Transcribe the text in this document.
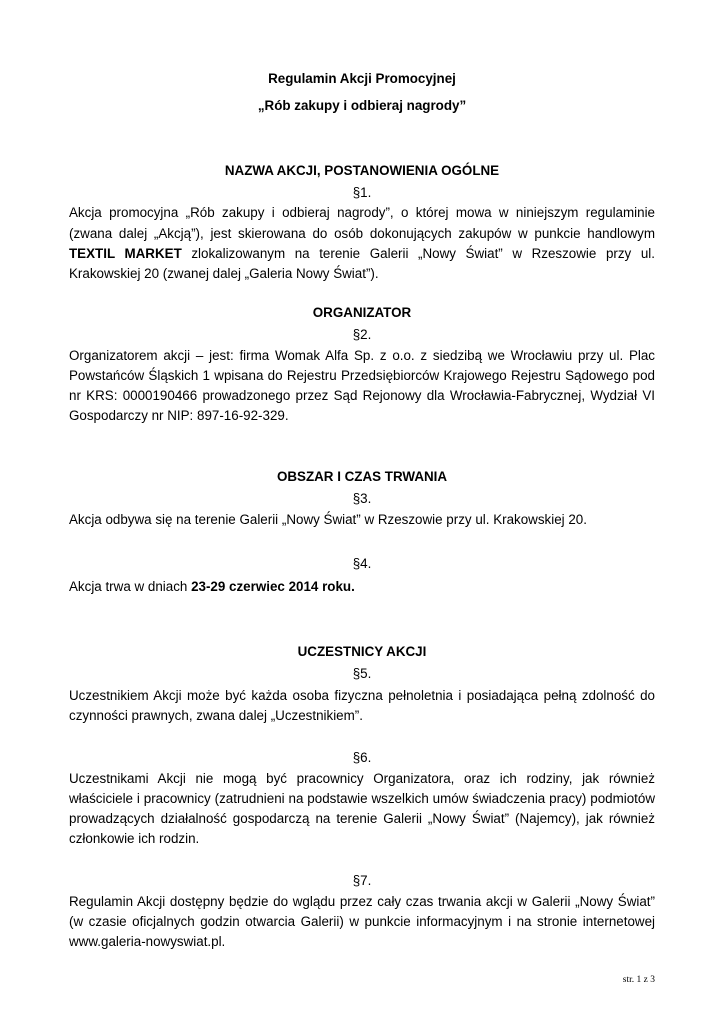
Regulamin Akcji Promocyjnej
„Rób zakupy i odbieraj nagrody”
NAZWA AKCJI, POSTANOWIENIA OGÓLNE
§1.
Akcja promocyjna „Rób zakupy i odbieraj nagrody”, o której mowa w niniejszym regulaminie
(zwana dalej „Akcją”), jest skierowana do osób dokonujących zakupów w punkcie handlowym
TEXTIL MARKET zlokalizowanym na terenie Galerii „Nowy Świat” w Rzeszowie przy ul.
Krakowskiej 20 (zwanej dalej „Galeria Nowy Świat”).
ORGANIZATOR
§2.
Organizatorem akcji – jest: firma Womak Alfa Sp. z o.o. z siedzibą we Wrocławiu przy ul. Plac
Powstańców Śląskich 1 wpisana do Rejestru Przedsiębiorców Krajowego Rejestru Sądowego pod
nr KRS: 0000190466 prowadzonego przez Sąd Rejonowy dla Wrocławia-Fabrycznej, Wydział VI
Gospodarczy nr NIP: 897-16-92-329.
OBSZAR I CZAS TRWANIA
§3.
Akcja odbywa się na terenie Galerii „Nowy Świat” w Rzeszowie przy ul. Krakowskiej 20.
§4.
Akcja trwa w dniach 23-29 czerwiec 2014 roku.
UCZESTNICY AKCJI
§5.
Uczestnikiem Akcji może być każda osoba fizyczna pełnoletnia i posiadająca pełną zdolność do
czynności prawnych, zwana dalej „Uczestnikiem”.
§6.
Uczestnikami Akcji nie mogą być pracownicy Organizatora, oraz ich rodziny, jak również
właściciele i pracownicy (zatrudnieni na podstawie wszelkich umów świadczenia pracy) podmiotów
prowadzących działalność gospodarczą na terenie Galerii „Nowy Świat” (Najemcy), jak również
członkowie ich rodzin.
§7.
Regulamin Akcji dostępny będzie do wglądu przez cały czas trwania akcji w Galerii „Nowy Świat”
(w czasie oficjalnych godzin otwarcia Galerii) w punkcie informacyjnym i na stronie internetowej
www.galeria-nowyswiat.pl.
str. 1 z 3
